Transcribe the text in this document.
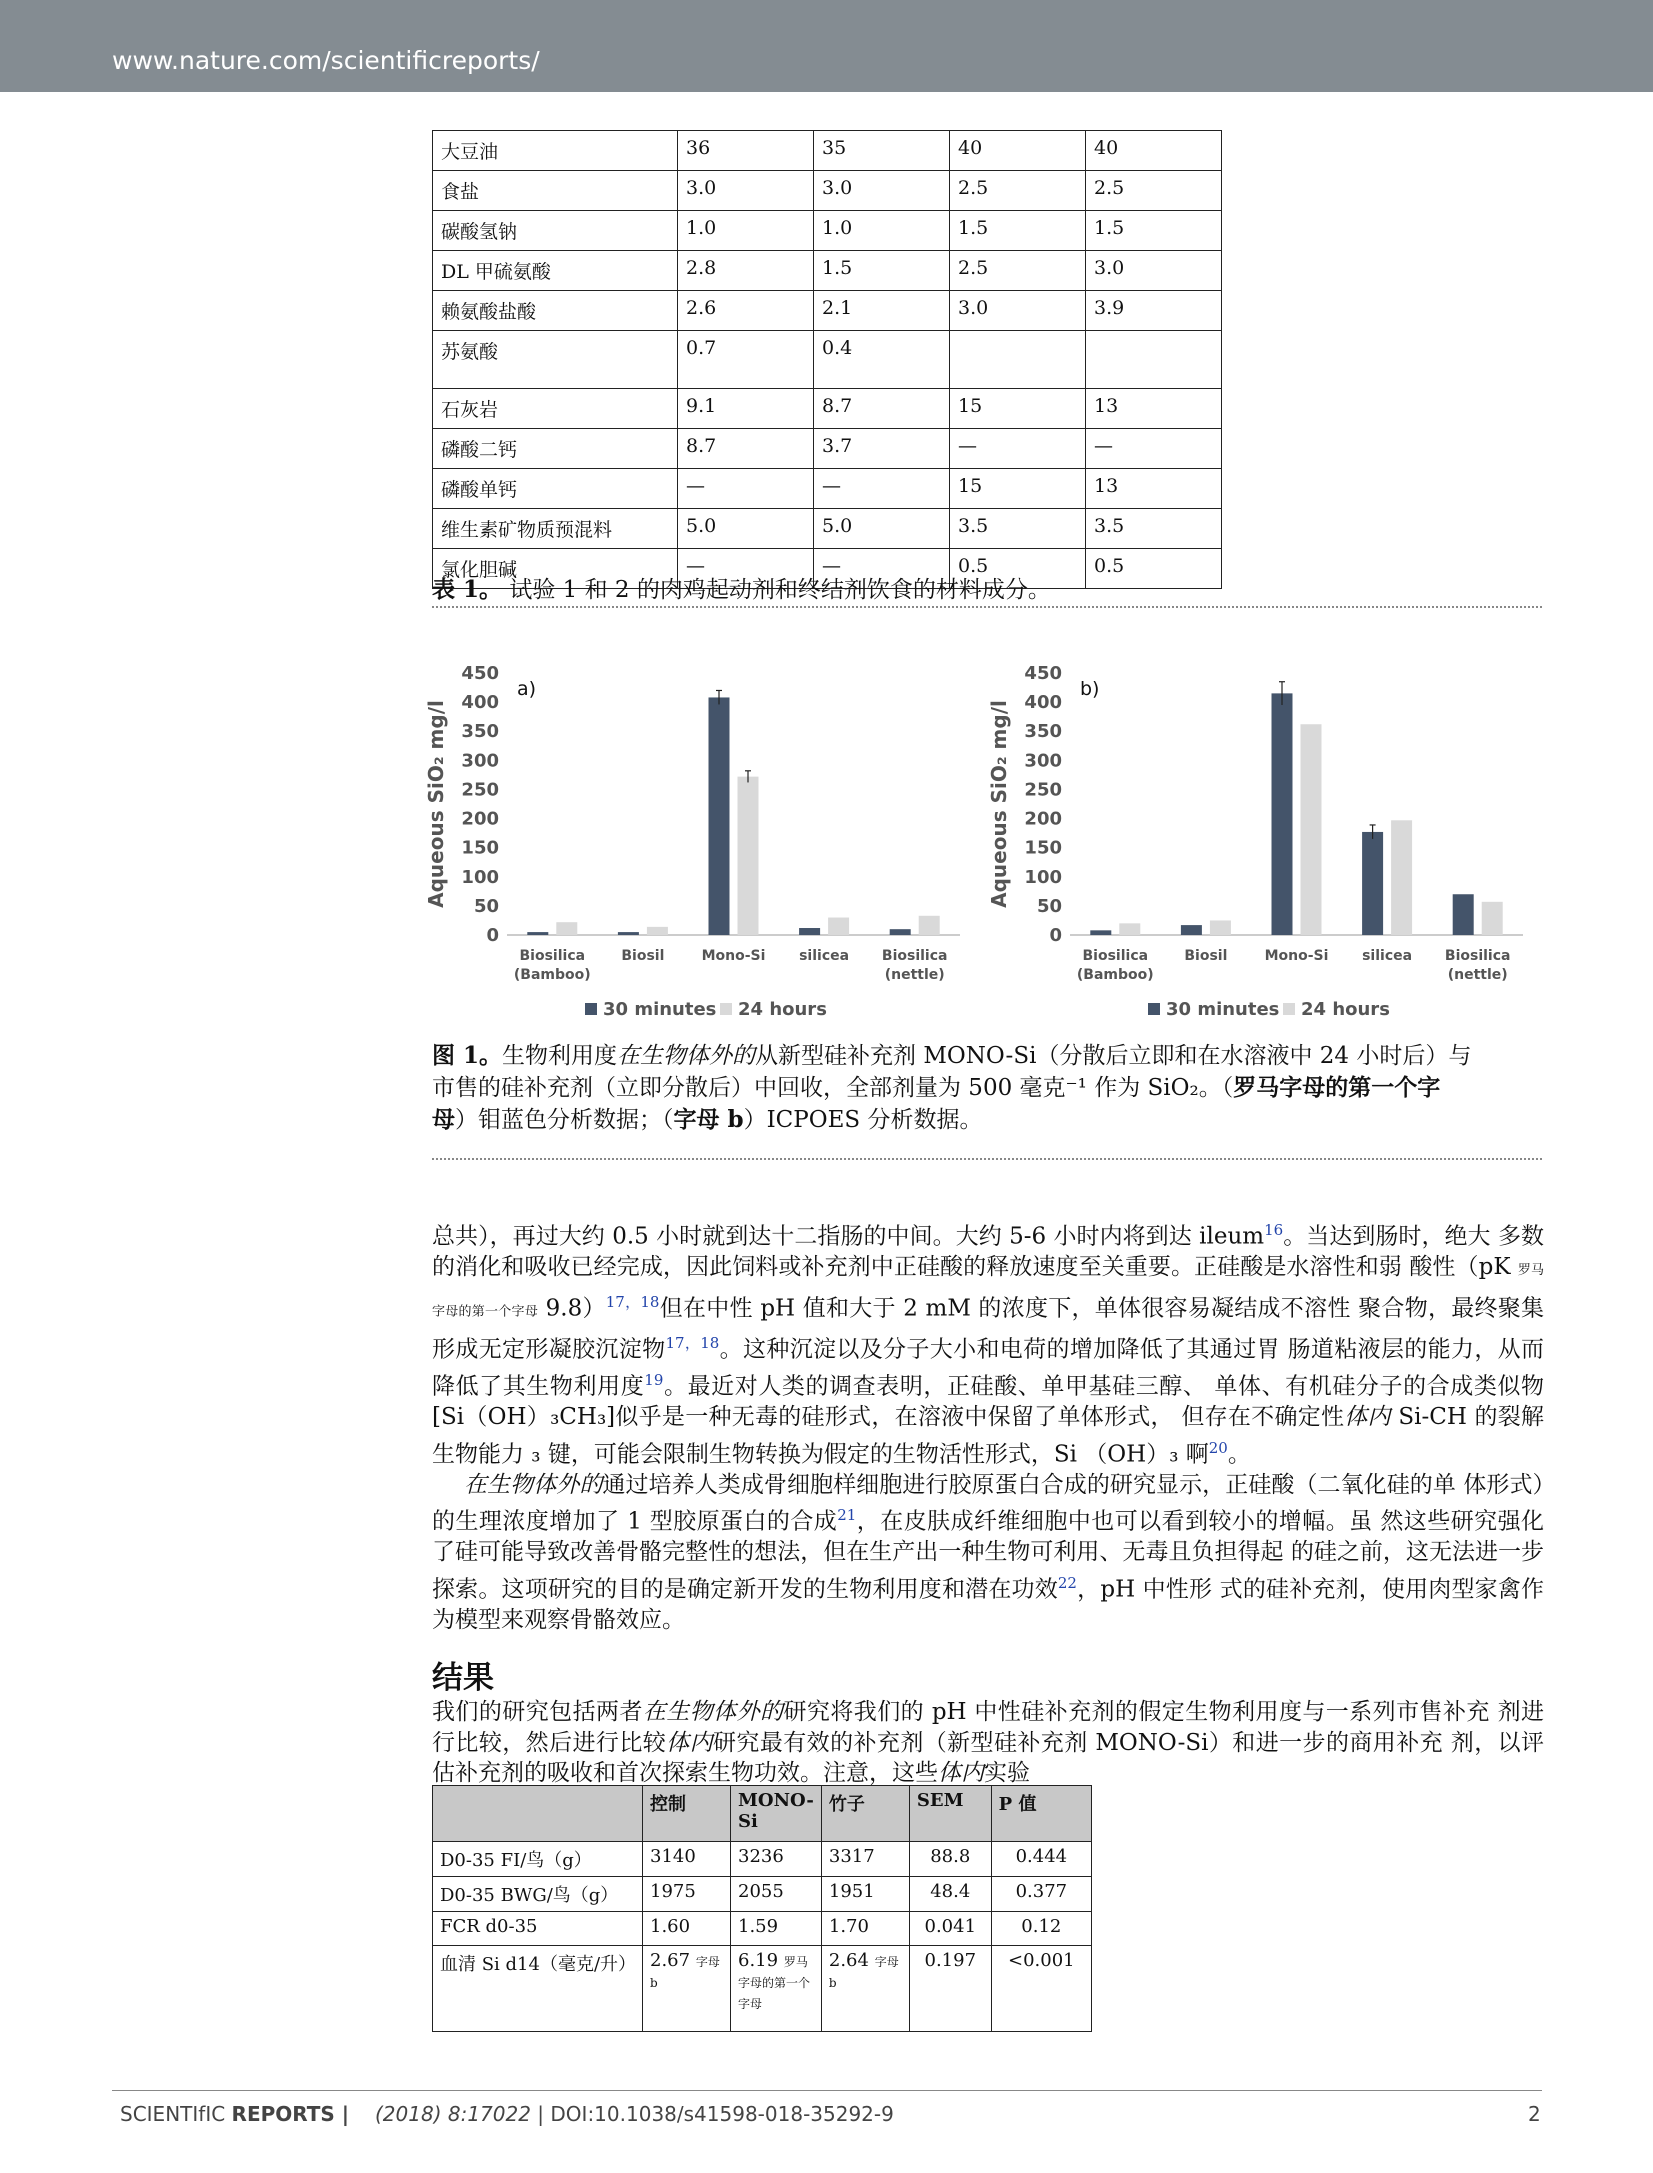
www.nature.com/scientificreports/
大豆油	36	35	40	40
食盐	3.0	3.0	2.5	2.5
碳酸氢钠	1.0	1.0	1.5	1.5
DL 甲硫氨酸	2.8	1.5	2.5	3.0
赖氨酸盐酸	2.6	2.1	3.0	3.9
苏氨酸	0.7	0.4		
石灰岩	9.1	8.7	15	13
磷酸二钙	8.7	3.7	—	—
磷酸单钙	—	—	15	13
维生素矿物质预混料	5.0	5.0	3.5	3.5
氯化胆碱	—	—	0.5	0.5
表 1。 试验 1 和 2 的肉鸡起动剂和终结剂饮食的材料成分。
0
50
100
150
200
250
300
350
400
450
Aqueous SiO₂ mg/l
a)
Biosilica
(Bamboo)
Biosil	Mono-Si silicea Biosilica
(nettle)
30 minutes 24 hours
0
50
100
150
200
250
300
350
400
450
Aqueous SiO₂ mg/l
b)
Biosilica
(Bamboo)
Biosil	Mono-Si silicea Biosilica
(nettle)
30 minutes 24 hours
图 1。生物利用度在生物体外的从新型硅补充剂 MONO-Si（分散后立即和在水溶液中 24 小时后）与
市售的硅补充剂（立即分散后）中回收，全部剂量为 500 毫克⁻¹ 作为 SiO₂。（罗马字母的第一个字
母）钼蓝色分析数据；（字母 b）ICPOES 分析数据。

总共），再过大约 0.5 小时就到达十二指肠的中间。大约 5-6 小时内将到达 ileum$^{16}$。当达到肠时，绝大 多数的消化和吸收已经完成，因此饲料或补充剂中正硅酸的释放速度至关重要。正硅酸是水溶性和弱 酸性（pK 罗马字母的第一个字母 9.8）$^{17,18}$但在中性 pH 值和大于 2 mM 的浓度下，单体很容易凝结成不溶性 聚合物，最终聚集形成无定形凝胶沉淀物$^{17,18}$。这种沉淀以及分子大小和电荷的增加降低了其通过胃 肠道粘液层的能力，从而降低了其生物利用度$^{19}$。最近对人类的调查表明，正硅酸、单甲基硅三醇、 单体、有机硅分子的合成类似物[Si（OH）₃CH₃]似乎是一种无毒的硅形式，在溶液中保留了单体形式， 但存在不确定性体内 Si-CH 的裂解生物能力 ₃ 键，可能会限制生物转换为假定的生物活性形式，Si （OH）₃ 啊$^{20}$。

在生物体外的通过培养人类成骨细胞样细胞进行胶原蛋白合成的研究显示，正硅酸（二氧化硅的单 体形式）的生理浓度增加了 1 型胶原蛋白的合成$^{21}$，在皮肤成纤维细胞中也可以看到较小的增幅。虽 然这些研究强化了硅可能导致改善骨骼完整性的想法，但在生产出一种生物可利用、无毒且负担得起 的硅之前，这无法进一步探索。这项研究的目的是确定新开发的生物利用度和潜在功效$^{22}$，pH 中性形 式的硅补充剂，使用肉型家禽作为模型来观察骨骼效应。

结果

我们的研究包括两者在生物体外的研究将我们的 pH 中性硅补充剂的假定生物利用度与一系列市售补充 剂进行比较，然后进行比较体内研究最有效的补充剂（新型硅补充剂 MONO-Si）和进一步的商用补充 剂，以评估补充剂的吸收和首次探索生物功效。注意，这些体内实验

	控制	MONO-Si	竹子	SEM	P 值
D0-35 FI/鸟（g）	3140	3236	3317	88.8	0.444
D0-35 BWG/鸟（g）	1975	2055	1951	48.4	0.377
FCR d0-35	1.60	1.59	1.70	0.041	0.12
血清 Si d14（毫克/升）	2.67 字母 b	6.19 罗马字母的第一个字母	2.64 字母 b	0.197	<0.001
SCIENTIfIC REPORTS | (2018) 8:17022 | DOI:10.1038/s41598-018-35292-9	2
